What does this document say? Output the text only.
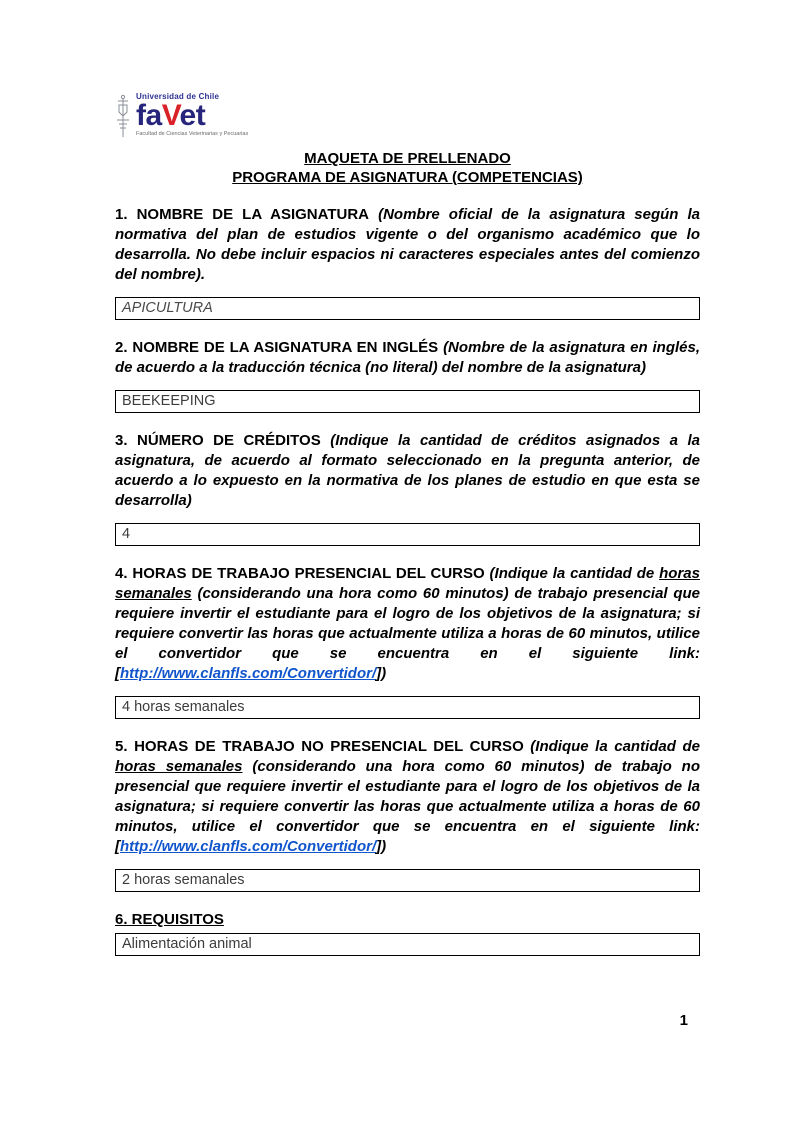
Universidad de Chile
faVet
Facultad de Ciencias Veterinarias y Pecuarias
MAQUETA DE PRELLENADO
PROGRAMA DE ASIGNATURA (COMPETENCIAS)

1. NOMBRE DE LA ASIGNATURA (Nombre oficial de la asignatura según la normativa del plan de estudios vigente o del organismo académico que lo desarrolla. No debe incluir espacios ni caracteres especiales antes del comienzo del nombre).

APICULTURA

2. NOMBRE DE LA ASIGNATURA EN INGLÉS (Nombre de la asignatura en inglés, de acuerdo a la traducción técnica (no literal) del nombre de la asignatura)

BEEKEEPING

3. NÚMERO DE CRÉDITOS (Indique la cantidad de créditos asignados a la asignatura, de acuerdo al formato seleccionado en la pregunta anterior, de acuerdo a lo expuesto en la normativa de los planes de estudio en que esta se desarrolla)

4

4. HORAS DE TRABAJO PRESENCIAL DEL CURSO (Indique la cantidad de horas semanales (considerando una hora como 60 minutos) de trabajo presencial que requiere invertir el estudiante para el logro de los objetivos de la asignatura; si requiere convertir las horas que actualmente utiliza a horas de 60 minutos, utilice el convertidor que se encuentra en el siguiente link: [http://www.clanfls.com/Convertidor/])

4 horas semanales

5. HORAS DE TRABAJO NO PRESENCIAL DEL CURSO (Indique la cantidad de horas semanales (considerando una hora como 60 minutos) de trabajo no presencial que requiere invertir el estudiante para el logro de los objetivos de la asignatura; si requiere convertir las horas que actualmente utiliza a horas de 60 minutos, utilice el convertidor que se encuentra en el siguiente link: [http://www.clanfls.com/Convertidor/])

2 horas semanales

6. REQUISITOS

Alimentación animal
1
